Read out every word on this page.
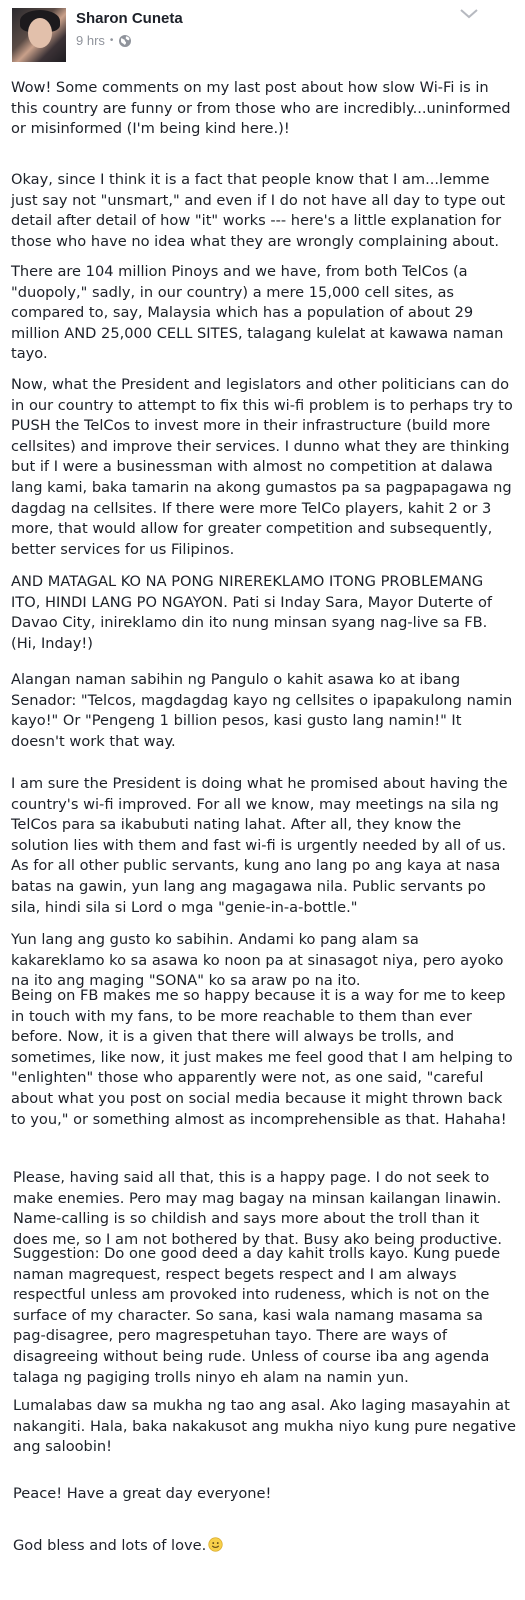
Sharon Cuneta
9 hrs •

Wow! Some comments on my last post about how slow Wi-Fi is in this country are funny or from those who are incredibly...uninformed or misinformed (I'm being kind here.)!

Okay, since I think it is a fact that people know that I am...lemme just say not "unsmart," and even if I do not have all day to type out detail after detail of how "it" works --- here's a little explanation for those who have no idea what they are wrongly complaining about.

There are 104 million Pinoys and we have, from both TelCos (a "duopoly," sadly, in our country) a mere 15,000 cell sites, as compared to, say, Malaysia which has a population of about 29 million AND 25,000 CELL SITES, talagang kulelat at kawawa naman tayo.

Now, what the President and legislators and other politicians can do in our country to attempt to fix this wi-fi problem is to perhaps try to PUSH the TelCos to invest more in their infrastructure (build more cellsites) and improve their services. I dunno what they are thinking but if I were a businessman with almost no competition at dalawa lang kami, baka tamarin na akong gumastos pa sa pagpapagawa ng dagdag na cellsites. If there were more TelCo players, kahit 2 or 3 more, that would allow for greater competition and subsequently, better services for us Filipinos.

AND MATAGAL KO NA PONG NIREREKLAMO ITONG PROBLEMANG ITO, HINDI LANG PO NGAYON. Pati si Inday Sara, Mayor Duterte of Davao City, inireklamo din ito nung minsan syang nag-live sa FB. (Hi, Inday!)

Alangan naman sabihin ng Pangulo o kahit asawa ko at ibang Senador: "Telcos, magdagdag kayo ng cellsites o ipapakulong namin kayo!" Or "Pengeng 1 billion pesos, kasi gusto lang namin!" It doesn't work that way.

I am sure the President is doing what he promised about having the country's wi-fi improved. For all we know, may meetings na sila ng TelCos para sa ikabubuti nating lahat. After all, they know the solution lies with them and fast wi-fi is urgently needed by all of us. As for all other public servants, kung ano lang po ang kaya at nasa batas na gawin, yun lang ang magagawa nila. Public servants po sila, hindi sila si Lord o mga "genie-in-a-bottle."

Yun lang ang gusto ko sabihin. Andami ko pang alam sa kakareklamo ko sa asawa ko noon pa at sinasagot niya, pero ayoko na ito ang maging "SONA" ko sa araw po na ito.

Being on FB makes me so happy because it is a way for me to keep in touch with my fans, to be more reachable to them than ever before. Now, it is a given that there will always be trolls, and sometimes, like now, it just makes me feel good that I am helping to "enlighten" those who apparently were not, as one said, "careful about what you post on social media because it might thrown back to you," or something almost as incomprehensible as that. Hahaha!

Please, having said all that, this is a happy page. I do not seek to make enemies. Pero may mag bagay na minsan kailangan linawin. Name-calling is so childish and says more about the troll than it does me, so I am not bothered by that. Busy ako being productive.

Suggestion: Do one good deed a day kahit trolls kayo. Kung puede naman magrequest, respect begets respect and I am always respectful unless am provoked into rudeness, which is not on the surface of my character. So sana, kasi wala namang masama sa pag-disagree, pero magrespetuhan tayo. There are ways of disagreeing without being rude. Unless of course iba ang agenda talaga ng pagiging trolls ninyo eh alam na namin yun.

Lumalabas daw sa mukha ng tao ang asal. Ako laging masayahin at nakangiti. Hala, baka nakakusot ang mukha niyo kung pure negative ang saloobin!

Peace! Have a great day everyone!

God bless and lots of love.
